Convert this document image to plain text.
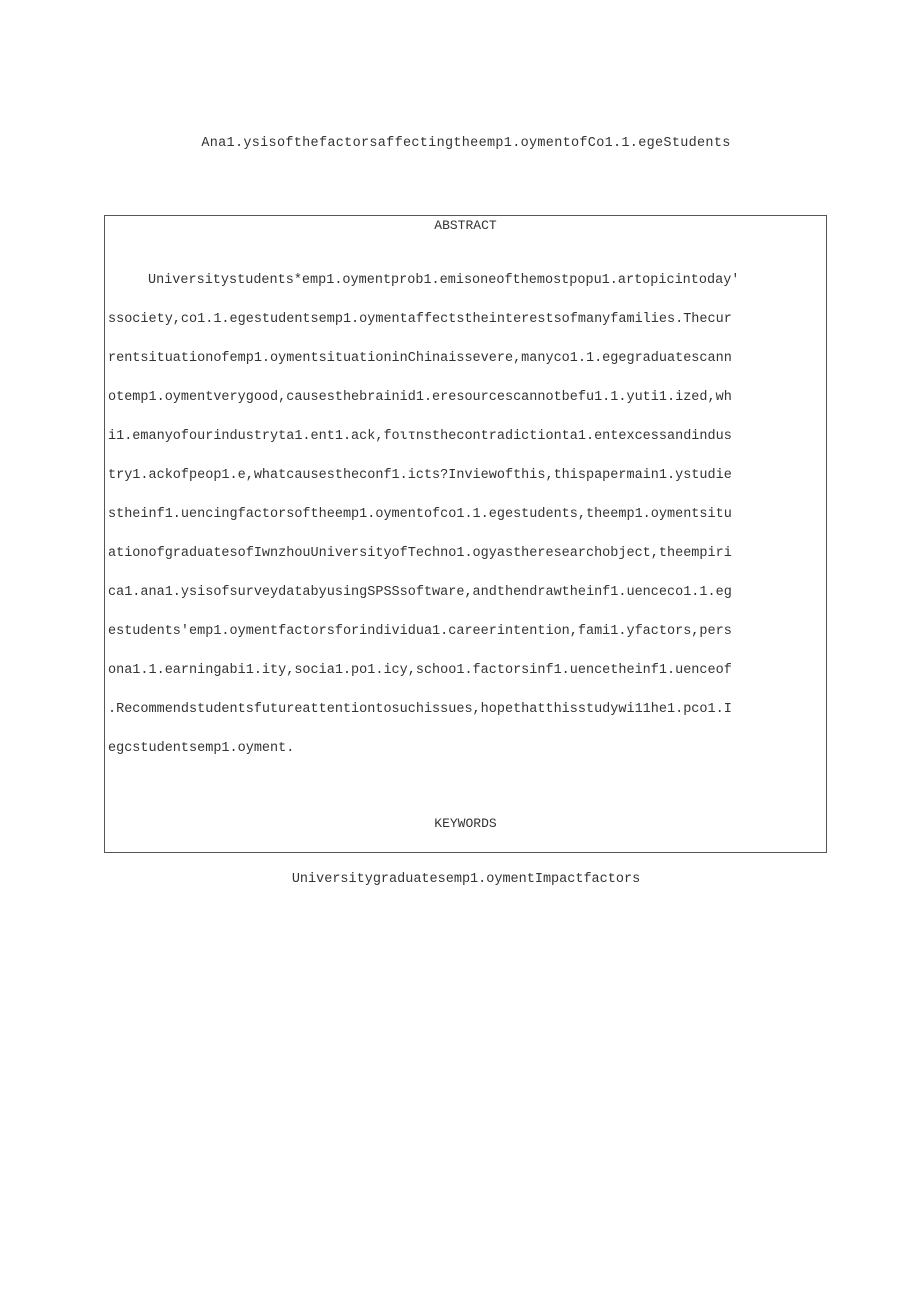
Ana1.ysisofthefactorsaffectingtheemp1.oymentofCo1.1.egeStudents
ABSTRACT
Universitystudents*emp1.oymentprob1.emisoneofthemostpopu1.artopicintoday'
ssociety,co1.1.egestudentsemp1.oymentaffectstheinterestsofmanyfamilies.Thecur
rentsituationofemp1.oymentsituationinChinaissevere,manyco1.1.egegraduatescann
otemp1.oymentverygood,causesthebrainid1.eresourcescannotbefu1.1.yuti1.ized,wh
i1.emanyofourindustryta1.ent1.ack,foιτnsthecontradictionta1.entexcessandindus
try1.ackofpeop1.e,whatcausestheconf1.icts?Inviewofthis,thispapermain1.ystudie
stheinf1.uencingfactorsoftheemp1.oymentofco1.1.egestudents,theemp1.oymentsitu
ationofgraduatesofIwnzhouUniversityofTechno1.ogyastheresearchobject,theempiri
ca1.ana1.ysisofsurveydatabyusingSPSSsoftware,andthendrawtheinf1.uenceco1.1.eg
estudents'emp1.oymentfactorsforindividua1.careerintention,fami1.yfactors,pers
ona1.1.earningabi1.ity,socia1.po1.icy,schoo1.factorsinf1.uencetheinf1.uenceof
.Recommendstudentsfutureattentiontosuchissues,hopethatthisstudywi11he1.pco1.I
egcstudentsemp1.oyment.
KEYWORDS
Universitygraduatesemp1.oymentImpactfactors
